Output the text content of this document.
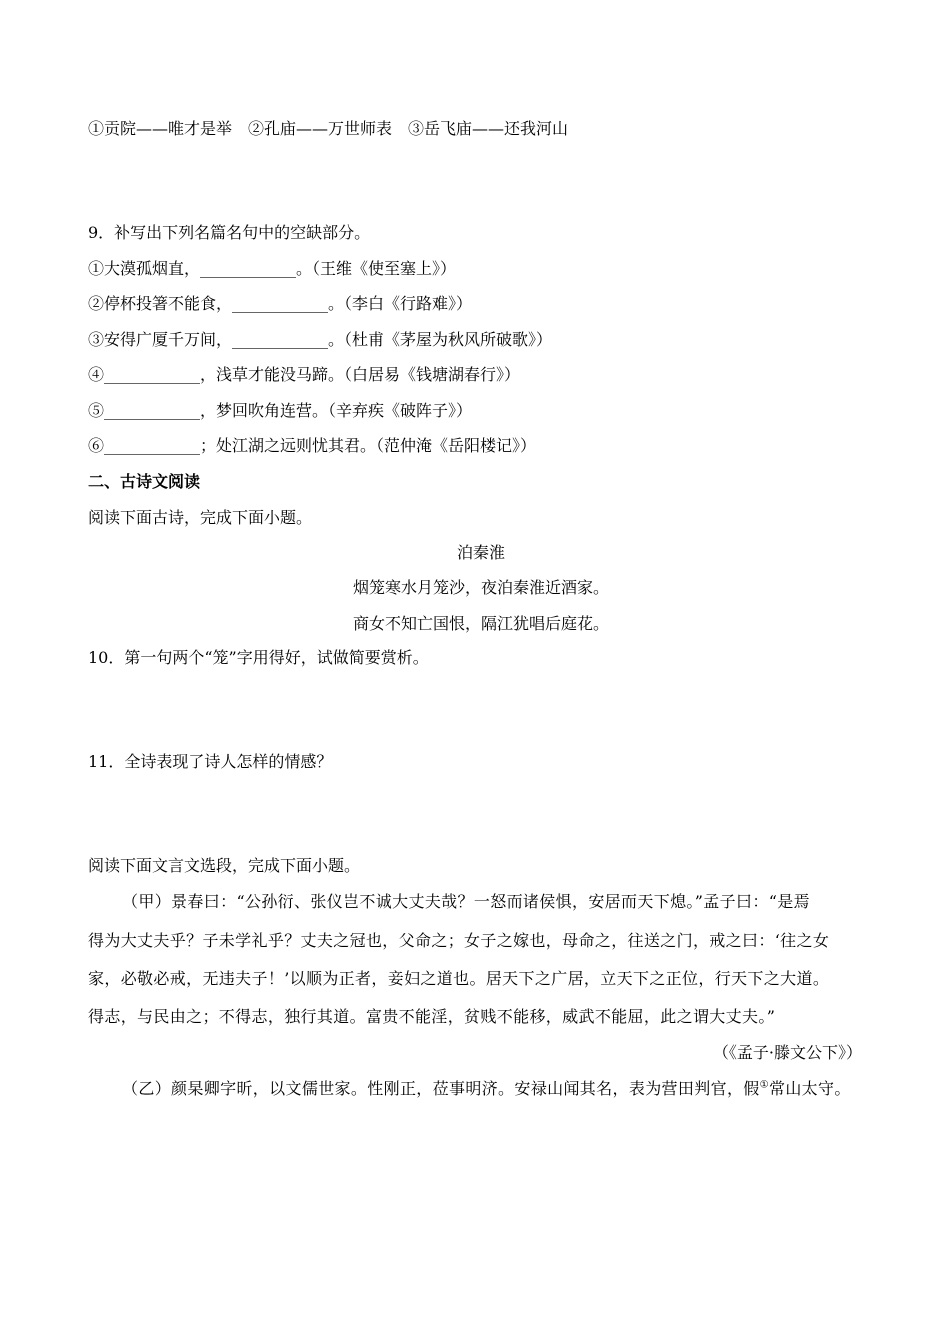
①贡院——唯才是举　②孔庙——万世师表　③岳飞庙——还我河山
9．补写出下列名篇名句中的空缺部分。
①大漠孤烟直，____________。（王维《使至塞上》）
②停杯投箸不能食，____________。（李白《行路难》）
③安得广厦千万间，____________。（杜甫《茅屋为秋风所破歌》）
④____________，浅草才能没马蹄。（白居易《钱塘湖春行》）
⑤____________，梦回吹角连营。（辛弃疾《破阵子》）
⑥____________；处江湖之远则忧其君。（范仲淹《岳阳楼记》）
二、古诗文阅读
阅读下面古诗，完成下面小题。
泊秦淮
烟笼寒水月笼沙，夜泊秦淮近酒家。
商女不知亡国恨，隔江犹唱后庭花。
10．第一句两个“笼”字用得好，试做简要赏析。
11．全诗表现了诗人怎样的情感？
阅读下面文言文选段，完成下面小题。
（甲）景春曰：“公孙衍、张仪岂不诚大丈夫哉？一怒而诸侯惧，安居而天下熄。”孟子曰：“是焉
得为大丈夫乎？子未学礼乎？丈夫之冠也，父命之；女子之嫁也，母命之，往送之门，戒之曰：‘往之女
家，必敬必戒，无违夫子！’以顺为正者，妾妇之道也。居天下之广居，立天下之正位，行天下之大道。
得志，与民由之；不得志，独行其道。富贵不能淫，贫贱不能移，威武不能屈，此之谓大丈夫。”
（《孟子·滕文公下》）
（乙）颜杲卿字昕，以文儒世家。性刚正，莅事明济。安禄山闻其名，表为营田判官，假①常山太守。
